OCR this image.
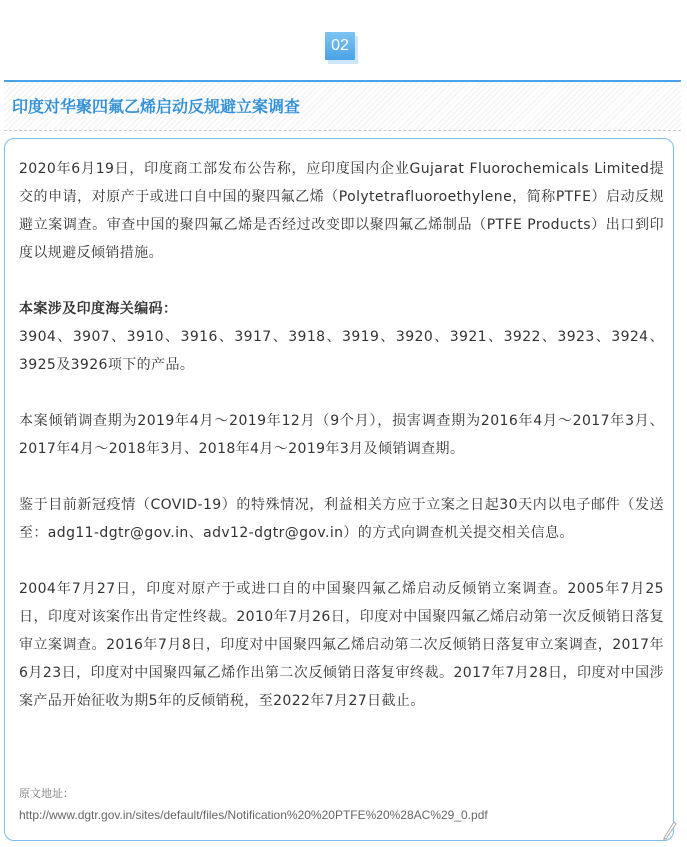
02
印度对华聚四氟乙烯启动反规避立案调查

2020年6月19日，印度商工部发布公告称，应印度国内企业Gujarat Fluorochemicals Limited提交的申请，对原产于或进口自中国的聚四氟乙烯（Polytetrafluoroethylene，简称PTFE）启动反规避立案调查。审查中国的聚四氟乙烯是否经过改变即以聚四氟乙烯制品（PTFE Products）出口到印度以规避反倾销措施。

本案涉及印度海关编码：

3904、3907、3910、3916、3917、3918、3919、3920、3921、3922、3923、3924、3925及3926项下的产品。

本案倾销调查期为2019年4月～2019年12月（9个月），损害调查期为2016年4月～2017年3月、2017年4月～2018年3月、2018年4月～2019年3月及倾销调查期。

鉴于目前新冠疫情（COVID-19）的特殊情况，利益相关方应于立案之日起30天内以电子邮件（发送至：adg11-dgtr@gov.in、adv12-dgtr@gov.in）的方式向调查机关提交相关信息。

2004年7月27日，印度对原产于或进口自的中国聚四氟乙烯启动反倾销立案调查。2005年7月25日，印度对该案作出肯定性终裁。2010年7月26日，印度对中国聚四氟乙烯启动第一次反倾销日落复审立案调查。2016年7月8日，印度对中国聚四氟乙烯启动第二次反倾销日落复审立案调查，2017年6月23日，印度对中国聚四氟乙烯作出第二次反倾销日落复审终裁。2017年7月28日，印度对中国涉案产品开始征收为期5年的反倾销税，至2022年7月27日截止。

原文地址：
http://www.dgtr.gov.in/sites/default/files/Notification%20%20PTFE%20%28AC%29_0.pdf
